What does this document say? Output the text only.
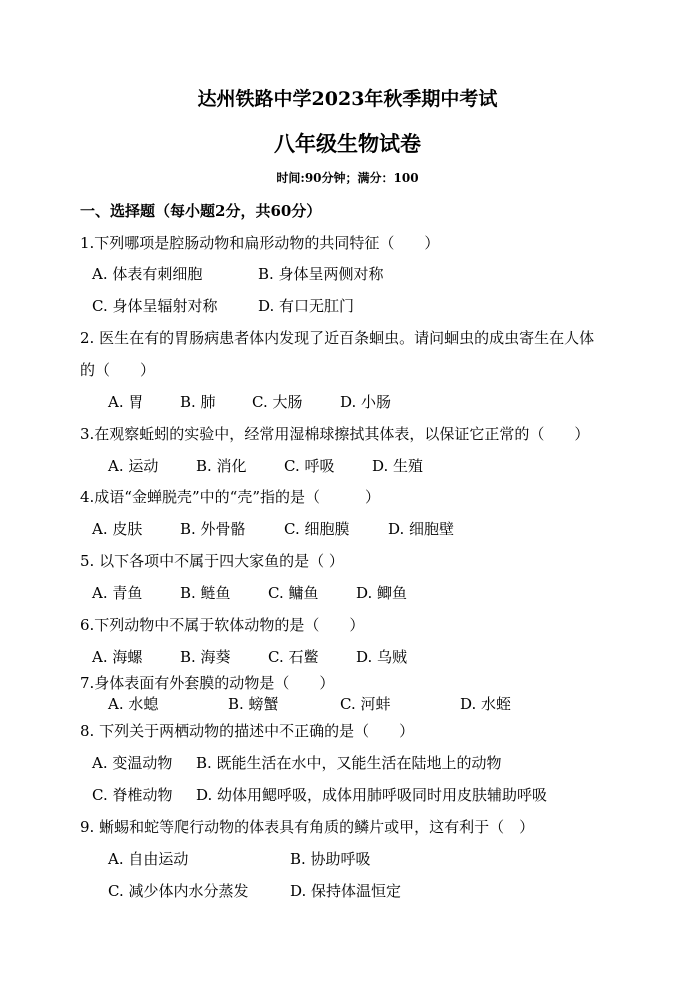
达州铁路中学2023年秋季期中考试
八年级生物试卷
时间:90分钟；满分：100
一、选择题（每小题2分，共60分）
1.下列哪项是腔肠动物和扁形动物的共同特征（　　）
A. 体表有刺细胞	B. 身体呈两侧对称
C. 身体呈辐射对称	D. 有口无肛门
2. 医生在有的胃肠病患者体内发现了近百条蛔虫。请问蛔虫的成虫寄生在人体
的（　　）
A. 胃 B. 肺 C. 大肠	D. 小肠
3.在观察蚯蚓的实验中，经常用湿棉球擦拭其体表，以保证它正常的（　　）
A. 运动	B. 消化 C. 呼吸	D. 生殖
4.成语“金蝉脱壳”中的“壳”指的是（　　　）
A. 皮肤	B. 外骨骼	C. 细胞膜	D. 细胞壁
5. 以下各项中不属于四大家鱼的是（ ）
A. 青鱼	B. 鲢鱼 C. 鳙鱼	D. 鲫鱼
6.下列动物中不属于软体动物的是（　　）
A. 海螺	B. 海葵 C. 石鳖	D. 乌贼
7.身体表面有外套膜的动物是（　　）
A. 水螅	B. 螃蟹	C. 河蚌	D. 水蛭
8. 下列关于两栖动物的描述中不正确的是（　　）
A. 变温动物 B. 既能生活在水中，又能生活在陆地上的动物
C. 脊椎动物 D. 幼体用鳃呼吸，成体用肺呼吸同时用皮肤辅助呼吸
9. 蜥蜴和蛇等爬行动物的体表具有角质的鳞片或甲，这有利于（　）
A. 自由运动	B. 协助呼吸
C. 减少体内水分蒸发	D. 保持体温恒定
